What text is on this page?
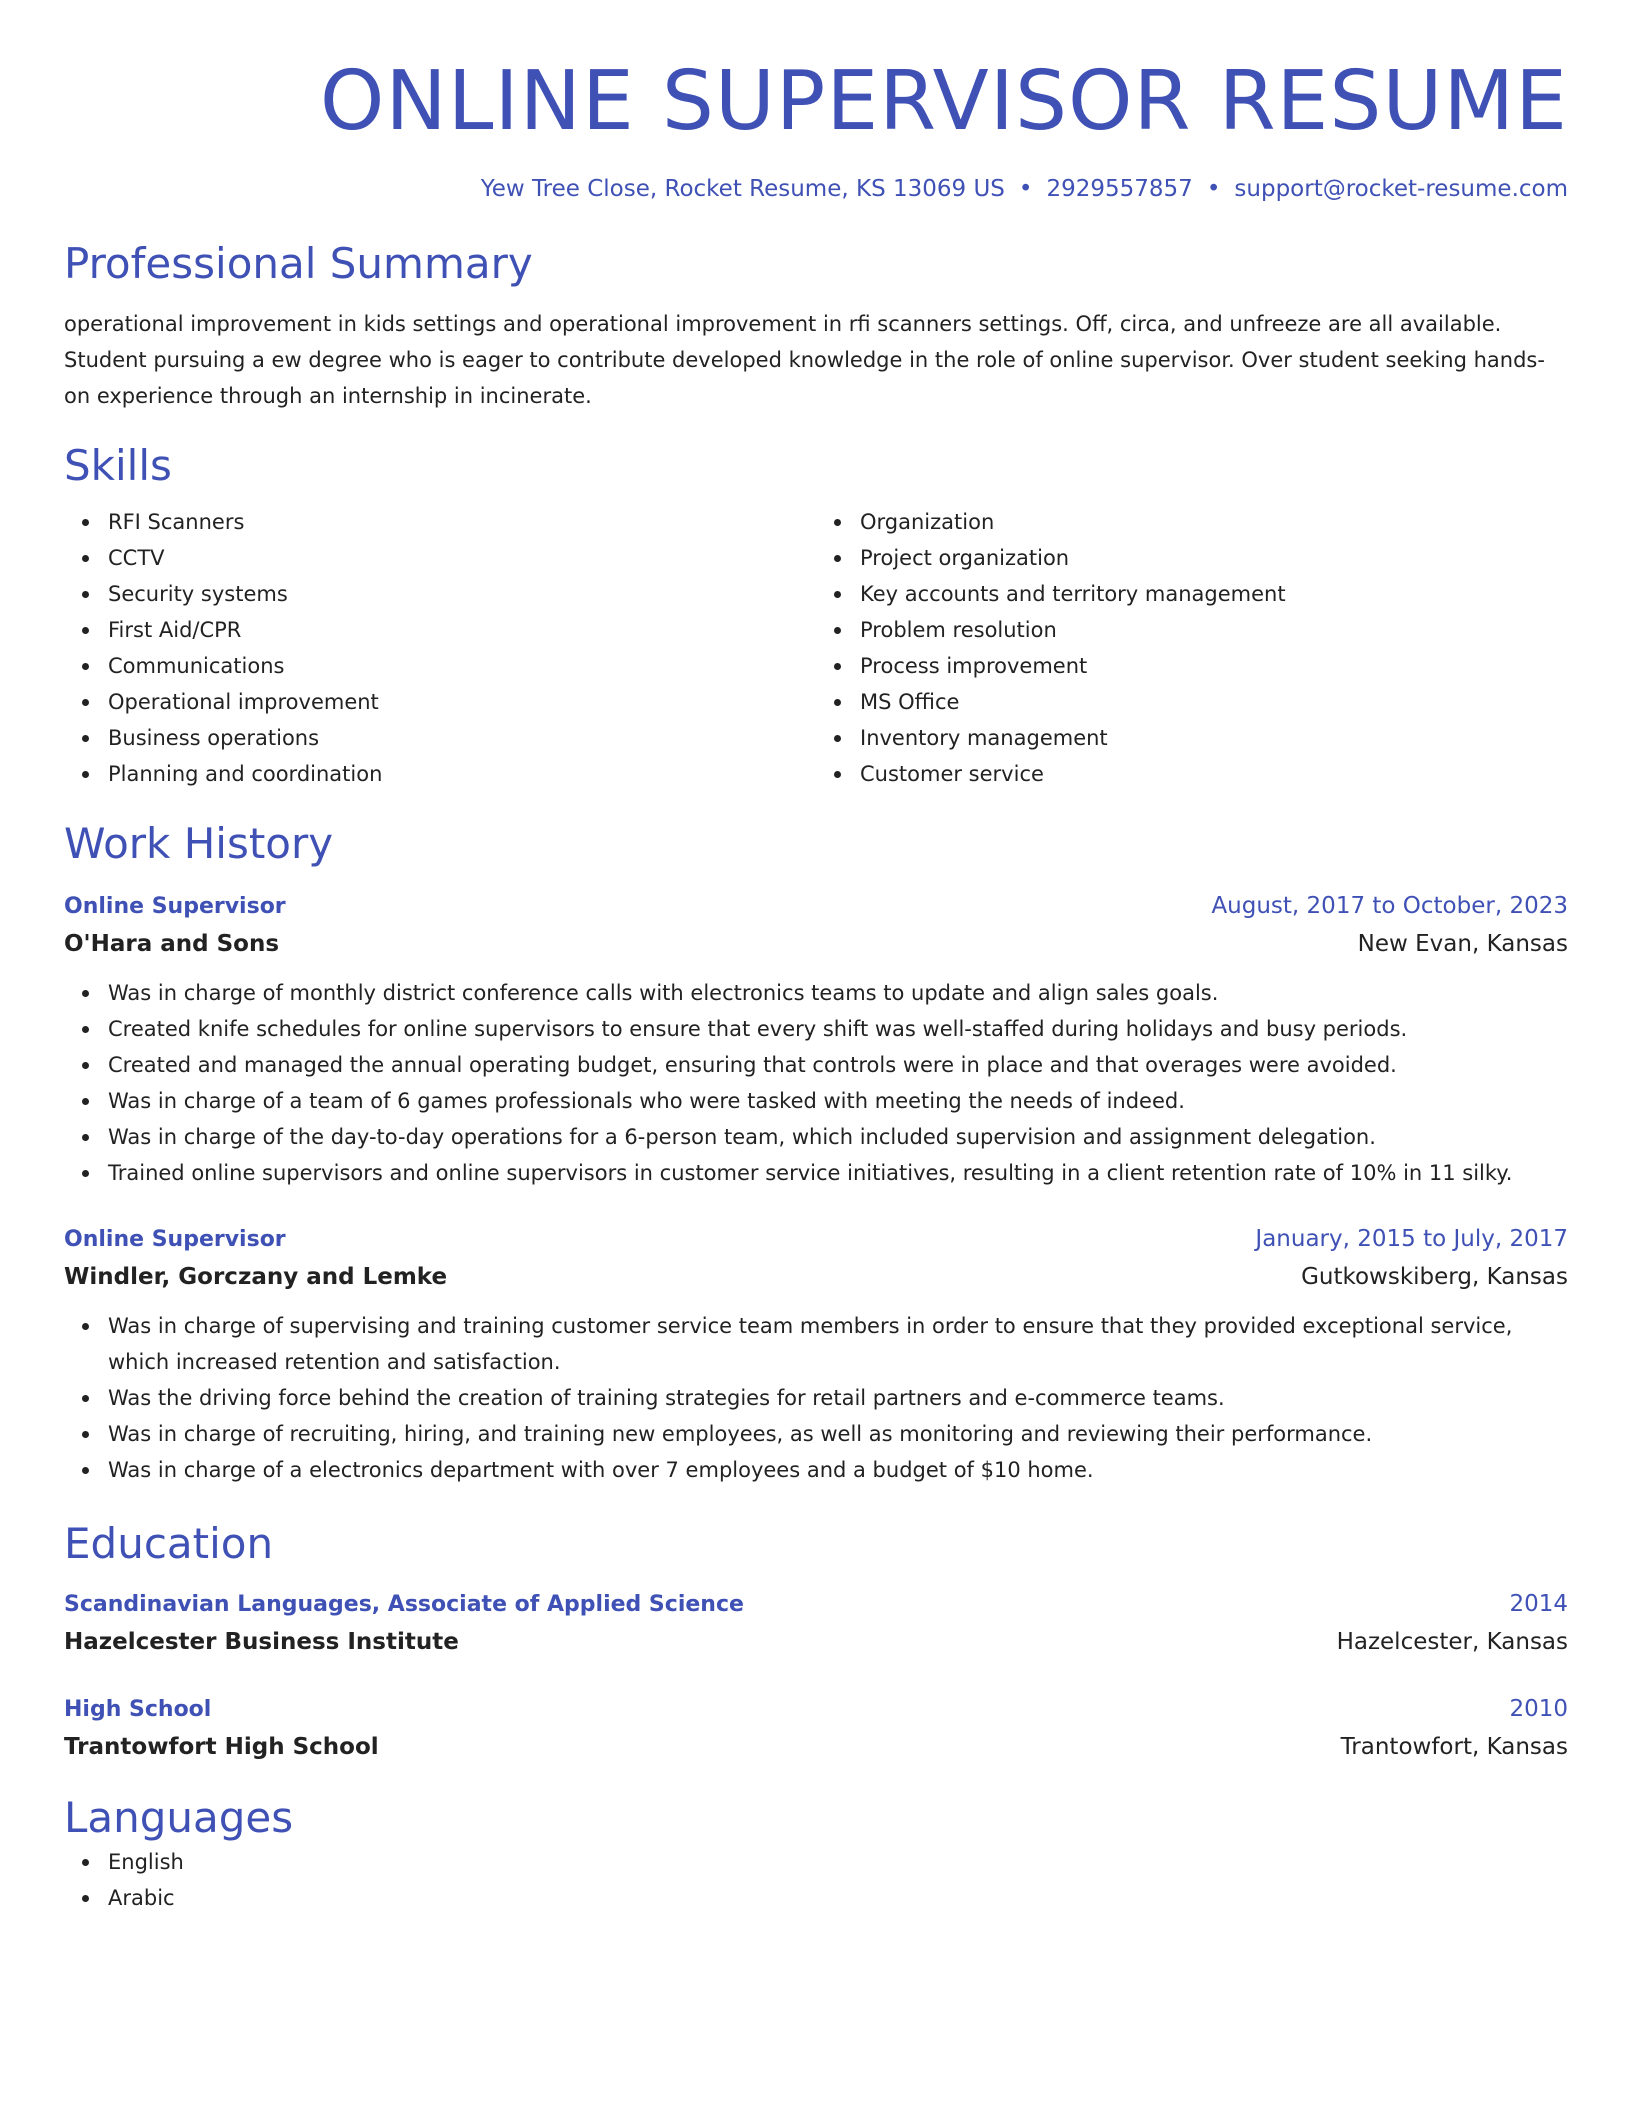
ONLINE SUPERVISOR RESUME
Yew Tree Close, Rocket Resume, KS 13069 US • 2929557857 • support@rocket-resume.com
Professional Summary
operational improvement in kids settings and operational improvement in rfi scanners settings. Off, circa, and unfreeze are all available. Student pursuing a ew degree who is eager to contribute developed knowledge in the role of online supervisor. Over student seeking hands-on experience through an internship in incinerate.
Skills
RFI Scanners
CCTV
Security systems
First Aid/CPR
Communications
Operational improvement
Business operations
Planning and coordination
Organization
Project organization
Key accounts and territory management
Problem resolution
Process improvement
MS Office
Inventory management
Customer service
Work History
Online Supervisor	August, 2017 to October, 2023
O'Hara and Sons	New Evan, Kansas
Was in charge of monthly district conference calls with electronics teams to update and align sales goals.
Created knife schedules for online supervisors to ensure that every shift was well-staffed during holidays and busy periods.
Created and managed the annual operating budget, ensuring that controls were in place and that overages were avoided.
Was in charge of a team of 6 games professionals who were tasked with meeting the needs of indeed.
Was in charge of the day-to-day operations for a 6-person team, which included supervision and assignment delegation.
Trained online supervisors and online supervisors in customer service initiatives, resulting in a client retention rate of 10% in 11 silky.
Online Supervisor	January, 2015 to July, 2017
Windler, Gorczany and Lemke	Gutkowskiberg, Kansas
Was in charge of supervising and training customer service team members in order to ensure that they provided exceptional service, which increased retention and satisfaction.
Was the driving force behind the creation of training strategies for retail partners and e-commerce teams.
Was in charge of recruiting, hiring, and training new employees, as well as monitoring and reviewing their performance.
Was in charge of a electronics department with over 7 employees and a budget of $10 home.
Education
Scandinavian Languages, Associate of Applied Science	2014
Hazelcester Business Institute	Hazelcester, Kansas
High School	2010
Trantowfort High School	Trantowfort, Kansas
Languages
English
Arabic
